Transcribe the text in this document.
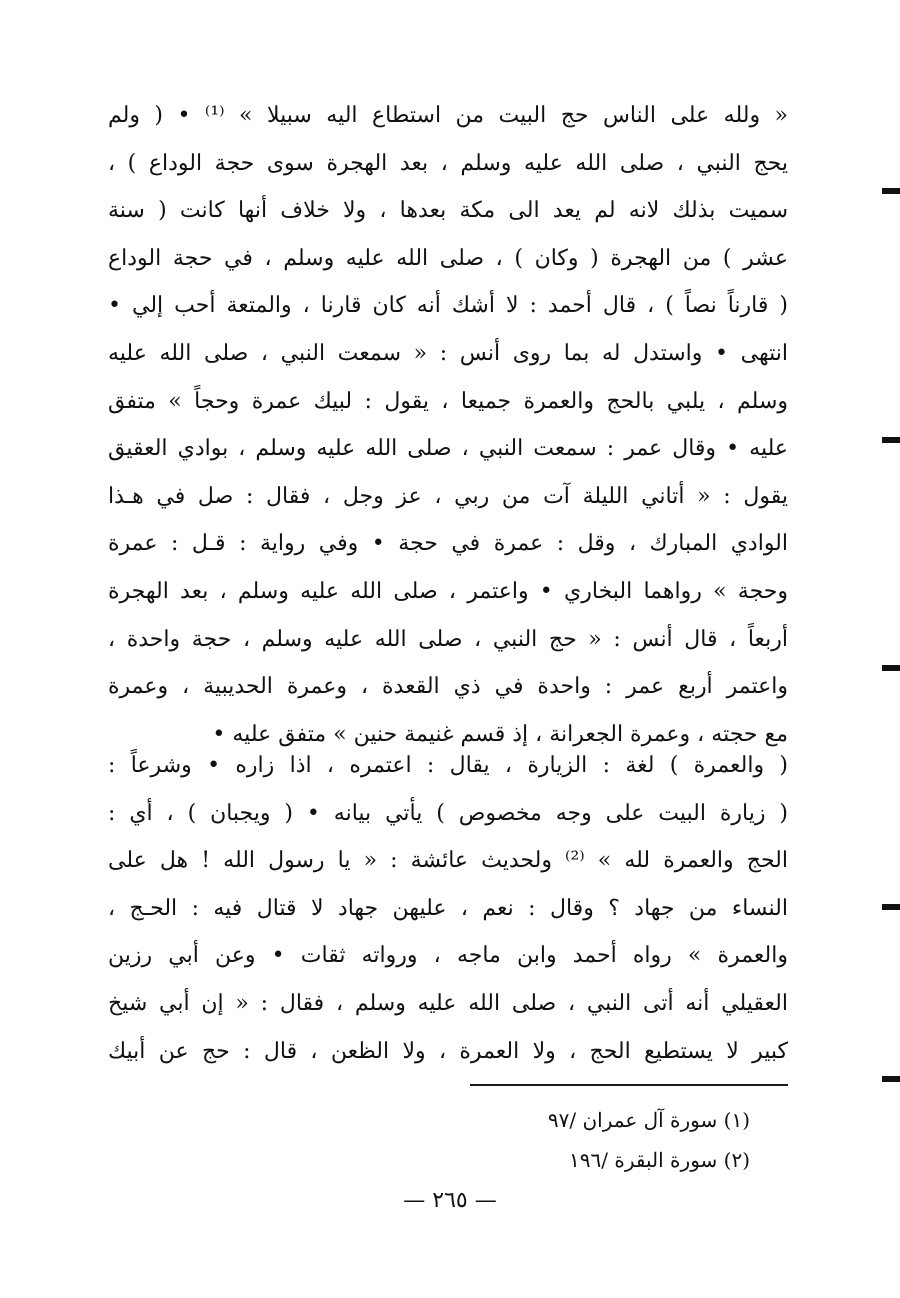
« ولله على الناس حج البيت من استطاع اليه سبيلا » ⁽¹⁾ • ( ولم
يحج النبي ، صلى الله عليه وسلم ، بعد الهجرة سوى حجة الوداع ) ،
سميت بذلك لانه لم يعد الى مكة بعدها ، ولا خلاف أنها كانت ( سنة
عشر ) من الهجرة ( وكان ) ، صلى الله عليه وسلم ، في حجة الوداع
( قارناً نصاً ) ، قال أحمد : لا أشك أنه كان قارنا ، والمتعة أحب إلي •
انتهى • واستدل له بما روى أنس : « سمعت النبي ، صلى الله عليه
وسلم ، يلبي بالحج والعمرة جميعا ، يقول : لبيك عمرة وحجاً » متفق
عليه • وقال عمر : سمعت النبي ، صلى الله عليه وسلم ، بوادي العقيق
يقول : « أتاني الليلة آت من ربي ، عز وجل ، فقال : صل في هـذا
الوادي المبارك ، وقل : عمرة في حجة • وفي رواية : قـل : عمرة
وحجة » رواهما البخاري • واعتمر ، صلى الله عليه وسلم ، بعد الهجرة
أربعاً ، قال أنس : « حج النبي ، صلى الله عليه وسلم ، حجة واحدة ،
واعتمر أربع عمر : واحدة في ذي القعدة ، وعمرة الحديبية ، وعمرة
مع حجته ، وعمرة الجعرانة ، إذ قسم غنيمة حنين » متفق عليه •
( والعمرة ) لغة : الزيارة ، يقال : اعتمره ، اذا زاره • وشرعاً :
( زيارة البيت على وجه مخصوص ) يأتي بيانه • ( ويجبان ) ، أي :
الحج والعمرة لله » ⁽²⁾ ولحديث عائشة : « يا رسول الله ! هل على
النساء من جهاد ؟ وقال : نعم ، عليهن جهاد لا قتال فيه : الحـج ،
والعمرة » رواه أحمد وابن ماجه ، ورواته ثقات • وعن أبي رزين
العقيلي أنه أتى النبي ، صلى الله عليه وسلم ، فقال : « إن أبي شيخ
كبير لا يستطيع الحج ، ولا العمرة ، ولا الظعن ، قال : حج عن أبيك
(١) سورة آل عمران /٩٧
(٢) سورة البقرة /١٩٦
— ٢٦٥ —
